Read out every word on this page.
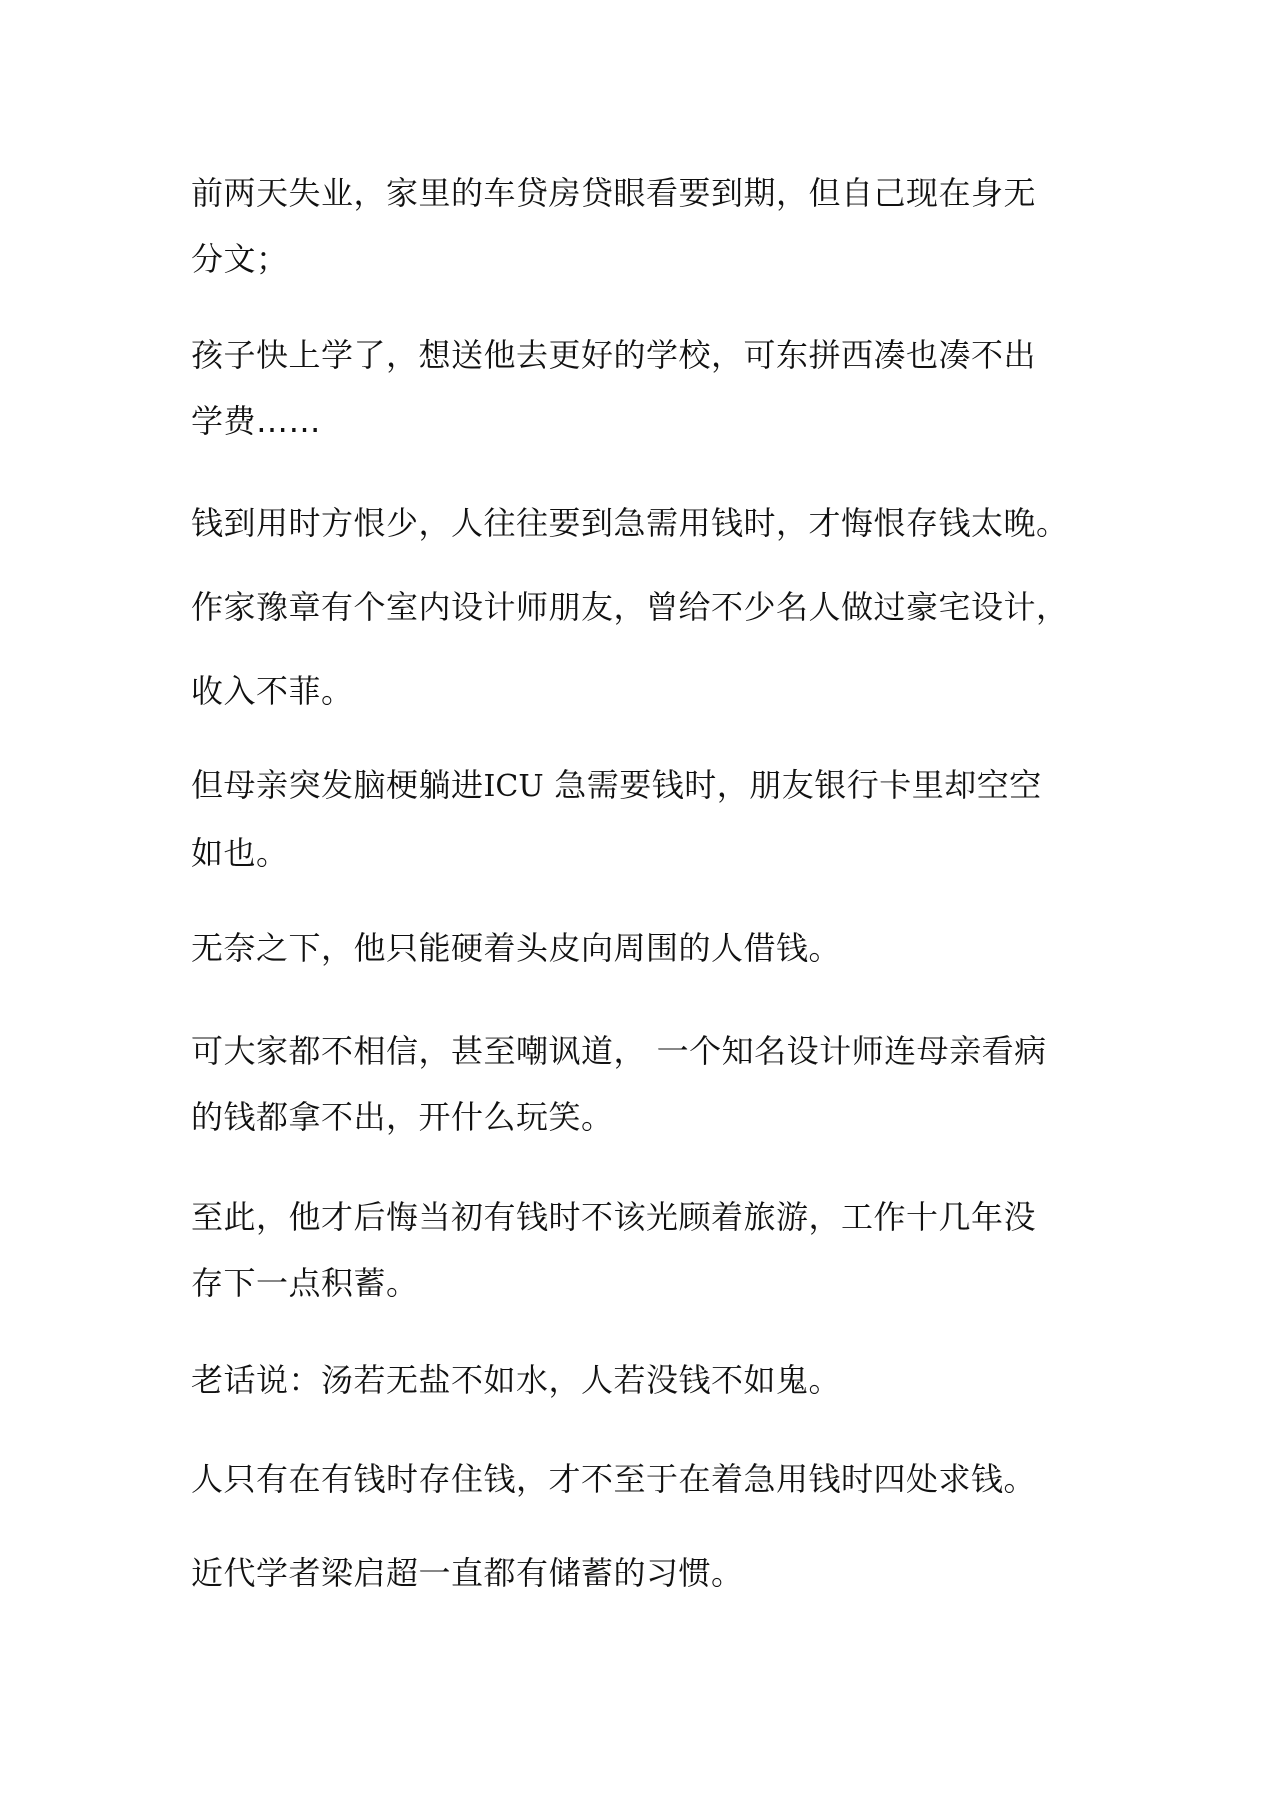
前两天失业，家里的车贷房贷眼看要到期，但自己现在身无
分文；

孩子快上学了，想送他去更好的学校，可东拼西凑也凑不出
学费……

钱到用时方恨少，人往往要到急需用钱时，才悔恨存钱太晚。

作家豫章有个室内设计师朋友，曾给不少名人做过豪宅设计，

收入不菲。

但母亲突发脑梗躺进ICU 急需要钱时，朋友银行卡里却空空
如也。

无奈之下，他只能硬着头皮向周围的人借钱。

可大家都不相信，甚至嘲讽道， 一个知名设计师连母亲看病
的钱都拿不出，开什么玩笑。

至此，他才后悔当初有钱时不该光顾着旅游，工作十几年没
存下一点积蓄。

老话说：汤若无盐不如水，人若没钱不如鬼。

人只有在有钱时存住钱，才不至于在着急用钱时四处求钱。

近代学者梁启超一直都有储蓄的习惯。
